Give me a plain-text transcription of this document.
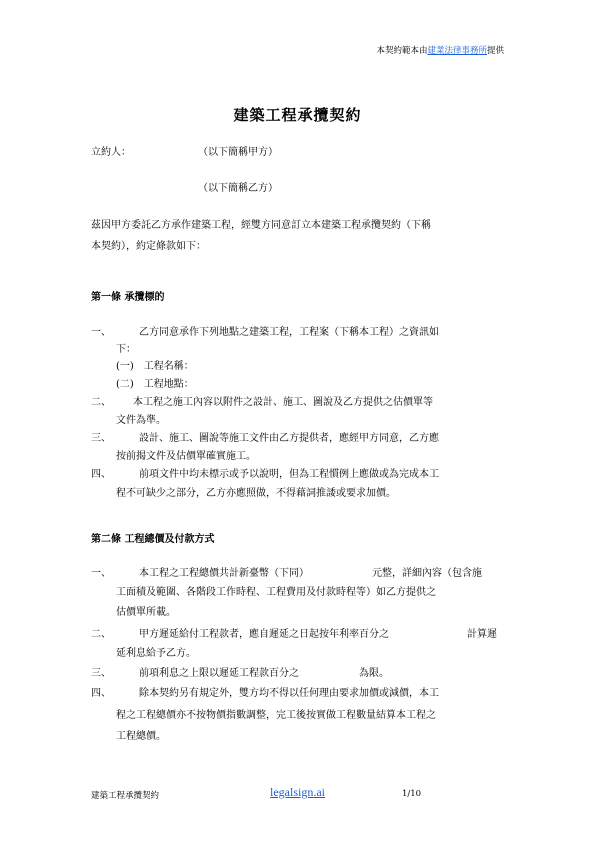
本契約範本由建業法律事務所提供
建築工程承攬契約
立約人：	（以下簡稱甲方）
（以下簡稱乙方）
茲因甲方委託乙方承作建築工程，經雙方同意訂立本建築工程承攬契約（下稱
本契約），約定條款如下：
第一條 承攬標的
一、	乙方同意承作下列地點之建築工程，工程案（下稱本工程）之資訊如
下：
(一)　工程名稱：
(二)　工程地點：
二、 本工程之施工內容以附件之設計、施工、圖說及乙方提供之估價單等
文件為準。
三、	設計、施工、圖說等施工文件由乙方提供者，應經甲方同意，乙方應
按前揭文件及估價單確實施工。
四、	前項文件中均未標示或予以說明，但為工程慣例上應做或為完成本工
程不可缺少之部分，乙方亦應照做，不得藉詞推諉或要求加價。
第二條 工程總價及付款方式
一、	本工程之工程總價共計新臺幣（下同）	元整，詳細內容（包含施
工面積及範圍、各階段工作時程、工程費用及付款時程等）如乙方提供之
估價單所載。
二、	甲方遲延給付工程款者，應自遲延之日起按年利率百分之	計算遲
延利息給予乙方。
三、	前項利息之上限以遲延工程款百分之	為限。
四、	除本契約另有規定外，雙方均不得以任何理由要求加價或減價，本工
程之工程總價亦不按物價指數調整，完工後按實做工程數量結算本工程之
工程總價。
建築工程承攬契約	legalsign.ai	1/10
